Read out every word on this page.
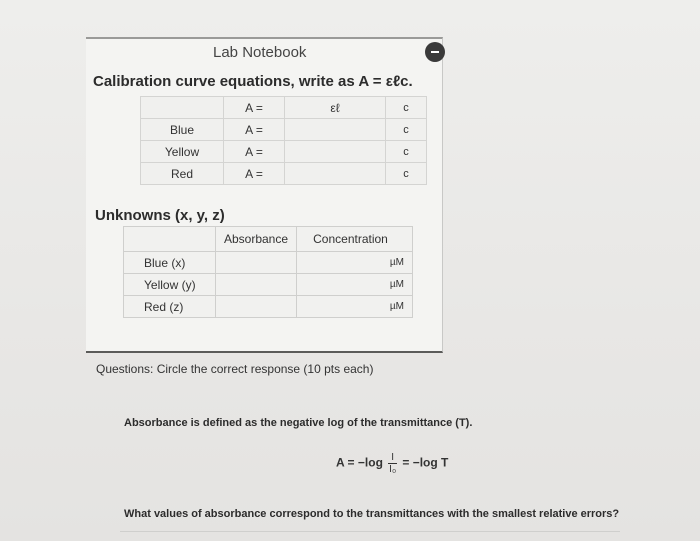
Lab Notebook
Calibration curve equations, write as A = εℓc.
	A =	εℓ	c
Blue	A =		c
Yellow	A =		c
Red	A =		c
Unknowns (x, y, z)
	Absorbance	Concentration
Blue (x)		µM
Yellow (y)		µM
Red (z)		µM
Questions: Circle the correct response (10 pts each)
Absorbance is defined as the negative log of the transmittance (T).
$A = -\log \frac{I}{\text{I₀}} = -\log$ T
What values of absorbance correspond to the transmittances with the smallest relative errors?
